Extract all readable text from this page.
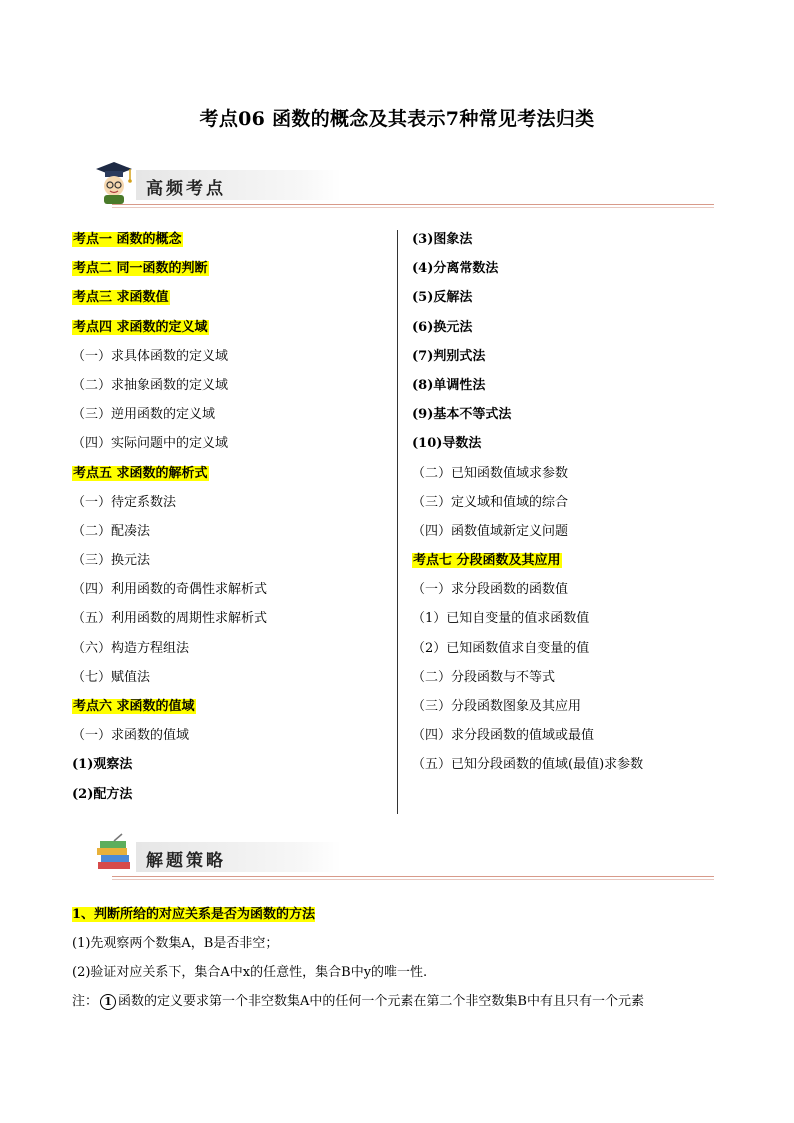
考点06 函数的概念及其表示7种常见考法归类
高频考点
考点一 函数的概念
考点二 同一函数的判断
考点三 求函数值
考点四 求函数的定义域
（一）求具体函数的定义域
（二）求抽象函数的定义域
（三）逆用函数的定义域
（四）实际问题中的定义域
考点五 求函数的解析式
（一）待定系数法
（二）配凑法
（三）换元法
（四）利用函数的奇偶性求解析式
（五）利用函数的周期性求解析式
（六）构造方程组法
（七）赋值法
考点六 求函数的值域
（一）求函数的值域
(1)观察法
(2)配方法
(3)图象法
(4)分离常数法
(5)反解法
(6)换元法
(7)判别式法
(8)单调性法
(9)基本不等式法
(10)导数法
（二）已知函数值域求参数
（三）定义域和值域的综合
（四）函数值域新定义问题
考点七 分段函数及其应用
（一）求分段函数的函数值
（1）已知自变量的值求函数值
（2）已知函数值求自变量的值
（二）分段函数与不等式
（三）分段函数图象及其应用
（四）求分段函数的值域或最值
（五）已知分段函数的值域(最值)求参数
解题策略
1、判断所给的对应关系是否为函数的方法
(1)先观察两个数集A，B是否非空；
(2)验证对应关系下，集合A中x的任意性，集合B中y的唯一性.
注： 1 函数的定义要求第一个非空数集A中的任何一个元素在第二个非空数集B中有且只有一个元素
